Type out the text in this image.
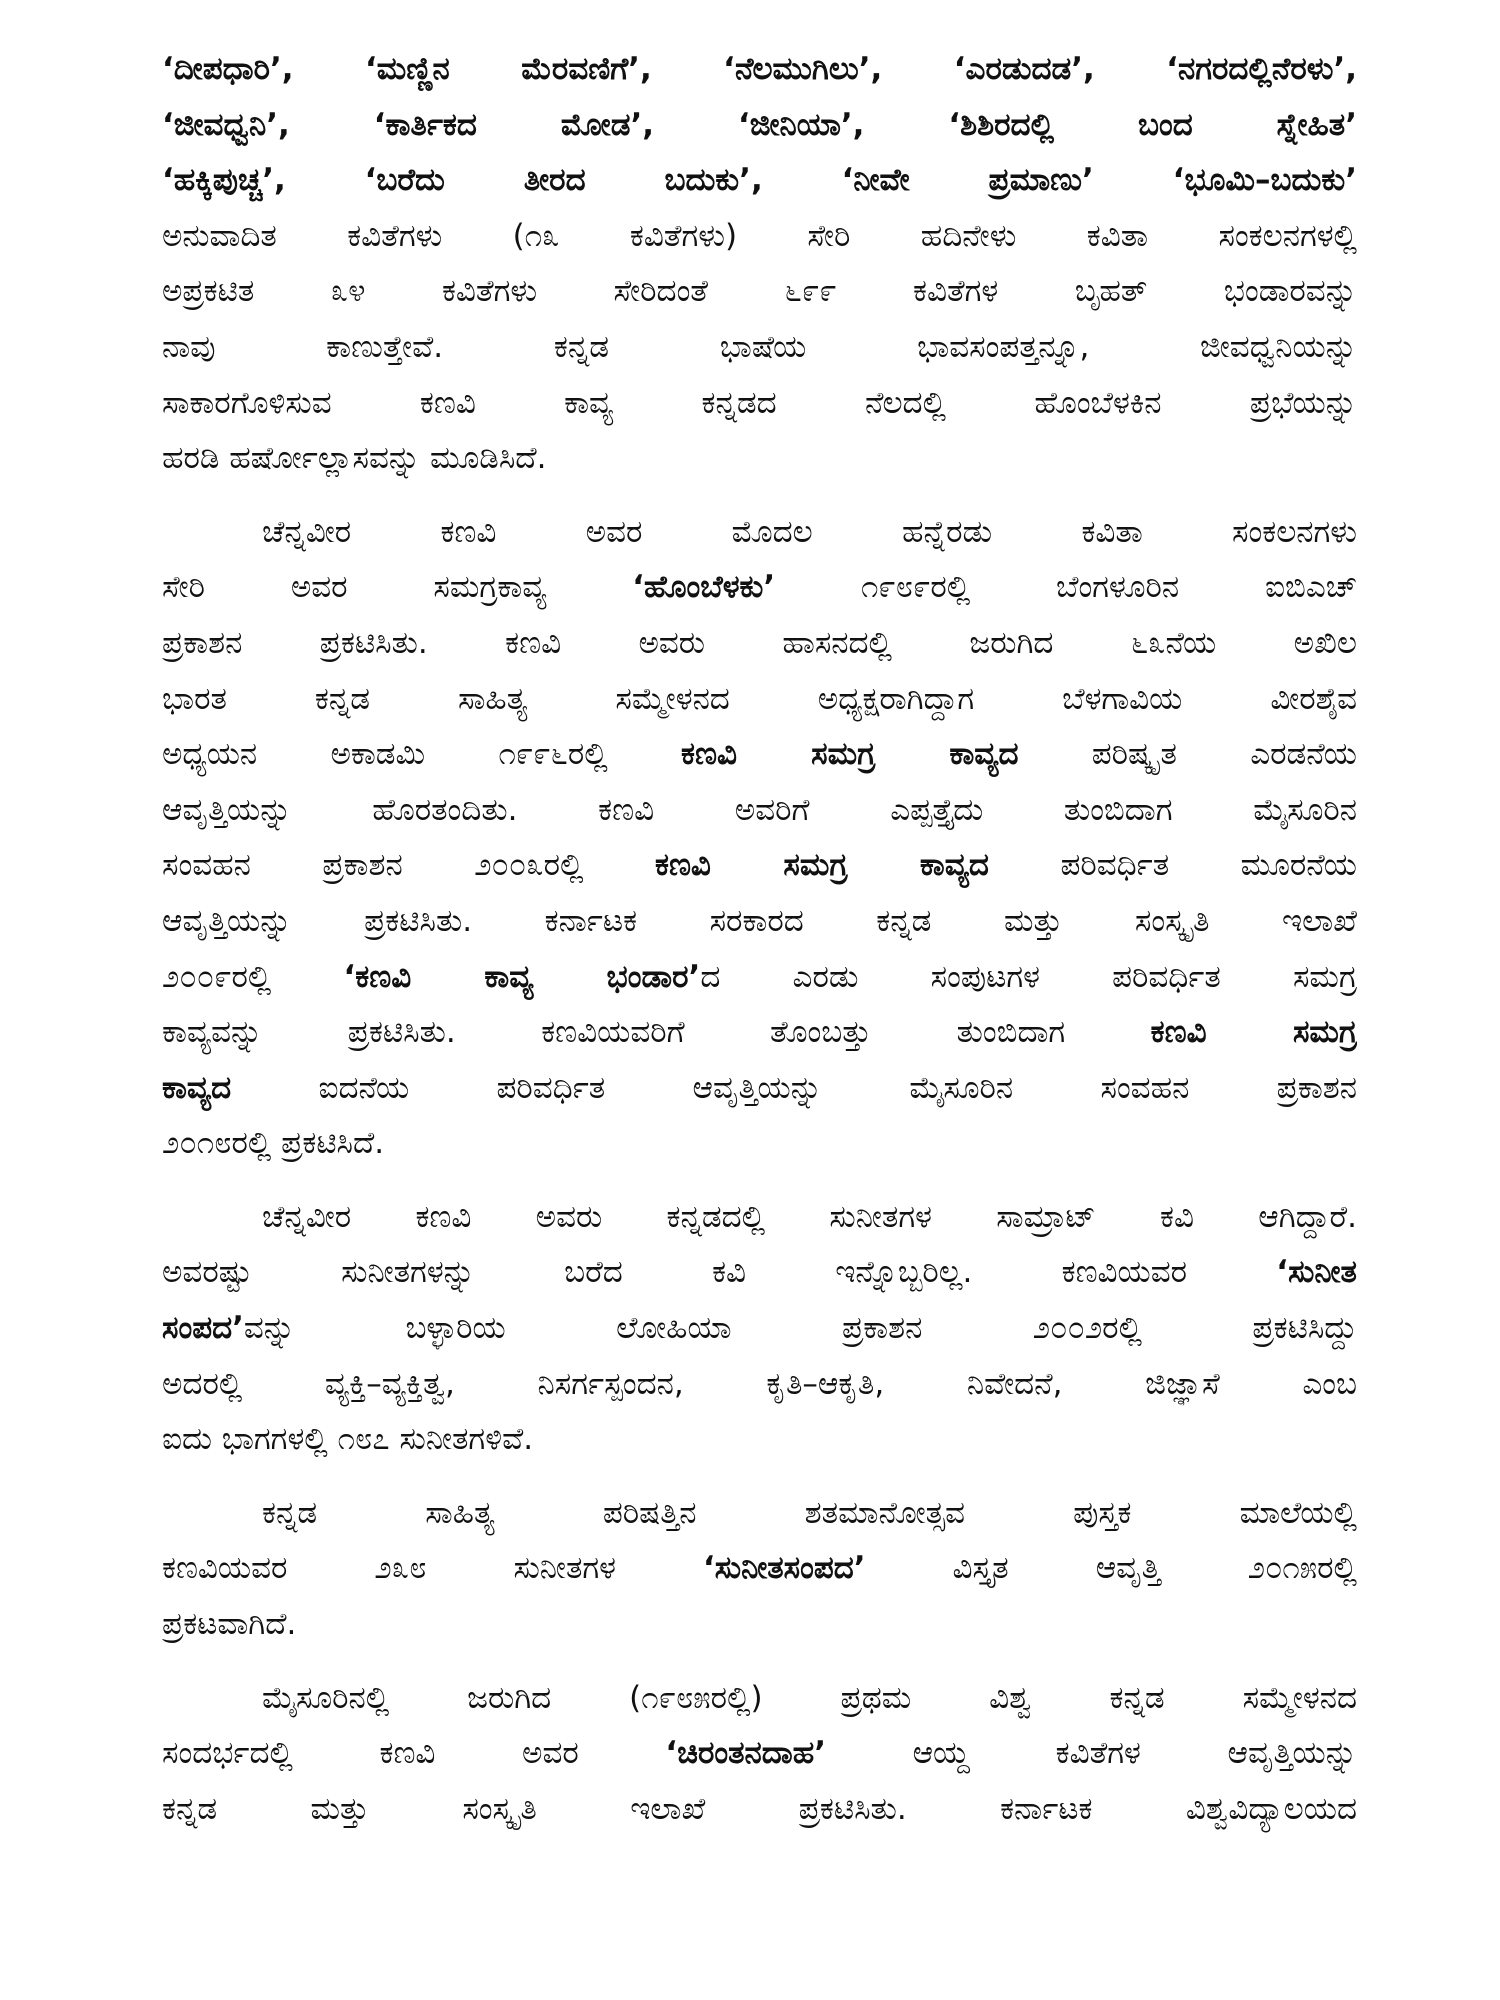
‘ದೀಪಧಾರಿ’, ‘ಮಣ್ಣಿನ ಮೆರವಣಿಗೆ’, ‘ನೆಲಮುಗಿಲು’, ‘ಎರಡುದಡ’, ‘ನಗರದಲ್ಲಿನೆರಳು’,
‘ಜೀವಧ್ವನಿ’, ‘ಕಾರ್ತಿಕದ ಮೋಡ’, ‘ಜೀನಿಯಾ’, ‘ಶಿಶಿರದಲ್ಲಿ ಬಂದ ಸ್ನೇಹಿತ’
‘ಹಕ್ಕಿಪುಚ್ಚ’, ‘ಬರೆದು ತೀರದ ಬದುಕು’, ‘ನೀವೇ ಪ್ರಮಾಣು’ ‘ಭೂಮಿ–ಬದುಕು’
ಅನುವಾದಿತ ಕವಿತೆಗಳು (೧೩ ಕವಿತೆಗಳು) ಸೇರಿ ಹದಿನೇಳು ಕವಿತಾ ಸಂಕಲನಗಳಲ್ಲಿ
ಅಪ್ರಕಟಿತ ೩೪ ಕವಿತೆಗಳು ಸೇರಿದಂತೆ ೬೯೯ ಕವಿತೆಗಳ ಬೃಹತ್ ಭಂಡಾರವನ್ನು
ನಾವು ಕಾಣುತ್ತೇವೆ. ಕನ್ನಡ ಭಾಷೆಯ ಭಾವಸಂಪತ್ತನ್ನೂ, ಜೀವಧ್ವನಿಯನ್ನು
ಸಾಕಾರಗೊಳಿಸುವ ಕಣವಿ ಕಾವ್ಯ ಕನ್ನಡದ ನೆಲದಲ್ಲಿ ಹೊಂಬೆಳಕಿನ ಪ್ರಭೆಯನ್ನು
ಹರಡಿ ಹರ್ಷೋಲ್ಲಾಸವನ್ನು ಮೂಡಿಸಿದೆ.
ಚೆನ್ನವೀರ ಕಣವಿ ಅವರ ಮೊದಲ ಹನ್ನೆರಡು ಕವಿತಾ ಸಂಕಲನಗಳು
ಸೇರಿ ಅವರ ಸಮಗ್ರಕಾವ್ಯ ‘ಹೊಂಬೆಳಕು’ ೧೯೮೯ರಲ್ಲಿ ಬೆಂಗಳೂರಿನ ಐಬಿಎಚ್
ಪ್ರಕಾಶನ ಪ್ರಕಟಿಸಿತು. ಕಣವಿ ಅವರು ಹಾಸನದಲ್ಲಿ ಜರುಗಿದ ೬೩ನೆಯ ಅಖಿಲ
ಭಾರತ ಕನ್ನಡ ಸಾಹಿತ್ಯ ಸಮ್ಮೇಳನದ ಅಧ್ಯಕ್ಷರಾಗಿದ್ದಾಗ ಬೆಳಗಾವಿಯ ವೀರಶೈವ
ಅಧ್ಯಯನ ಅಕಾಡಮಿ ೧೯೯೬ರಲ್ಲಿ ಕಣವಿ ಸಮಗ್ರ ಕಾವ್ಯದ ಪರಿಷ್ಕೃತ ಎರಡನೆಯ
ಆವೃತ್ತಿಯನ್ನು ಹೊರತಂದಿತು. ಕಣವಿ ಅವರಿಗೆ ಎಪ್ಪತ್ತೈದು ತುಂಬಿದಾಗ ಮೈಸೂರಿನ
ಸಂವಹನ ಪ್ರಕಾಶನ ೨೦೦೩ರಲ್ಲಿ ಕಣವಿ ಸಮಗ್ರ ಕಾವ್ಯದ ಪರಿವರ್ಧಿತ ಮೂರನೆಯ
ಆವೃತ್ತಿಯನ್ನು ಪ್ರಕಟಿಸಿತು. ಕರ್ನಾಟಕ ಸರಕಾರದ ಕನ್ನಡ ಮತ್ತು ಸಂಸ್ಕೃತಿ ಇಲಾಖೆ
೨೦೦೯ರಲ್ಲಿ ‘ಕಣವಿ ಕಾವ್ಯ ಭಂಡಾರ’ದ ಎರಡು ಸಂಪುಟಗಳ ಪರಿವರ್ಧಿತ ಸಮಗ್ರ
ಕಾವ್ಯವನ್ನು ಪ್ರಕಟಿಸಿತು. ಕಣವಿಯವರಿಗೆ ತೊಂಬತ್ತು ತುಂಬಿದಾಗ ಕಣವಿ ಸಮಗ್ರ
ಕಾವ್ಯದ ಐದನೆಯ ಪರಿವರ್ಧಿತ ಆವೃತ್ತಿಯನ್ನು ಮೈಸೂರಿನ ಸಂವಹನ ಪ್ರಕಾಶನ
೨೦೧೮ರಲ್ಲಿ ಪ್ರಕಟಿಸಿದೆ.
ಚೆನ್ನವೀರ ಕಣವಿ ಅವರು ಕನ್ನಡದಲ್ಲಿ ಸುನೀತಗಳ ಸಾಮ್ರಾಟ್ ಕವಿ ಆಗಿದ್ದಾರೆ.
ಅವರಷ್ಟು ಸುನೀತಗಳನ್ನು ಬರೆದ ಕವಿ ಇನ್ನೊಬ್ಬರಿಲ್ಲ. ಕಣವಿಯವರ ‘ಸುನೀತ
ಸಂಪದ’ವನ್ನು ಬಳ್ಳಾರಿಯ ಲೋಹಿಯಾ ಪ್ರಕಾಶನ ೨೦೦೨ರಲ್ಲಿ ಪ್ರಕಟಿಸಿದ್ದು
ಅದರಲ್ಲಿ ವ್ಯಕ್ತಿ–ವ್ಯಕ್ತಿತ್ವ, ನಿಸರ್ಗಸ್ಪಂದನ, ಕೃತಿ–ಆಕೃತಿ, ನಿವೇದನೆ, ಜಿಜ್ಞಾಸೆ ಎಂಬ
ಐದು ಭಾಗಗಳಲ್ಲಿ ೧೮೭ ಸುನೀತಗಳಿವೆ.
ಕನ್ನಡ ಸಾಹಿತ್ಯ ಪರಿಷತ್ತಿನ ಶತಮಾನೋತ್ಸವ ಪುಸ್ತಕ ಮಾಲೆಯಲ್ಲಿ
ಕಣವಿಯವರ ೨೩೮ ಸುನೀತಗಳ ‘ಸುನೀತಸಂಪದ’ ವಿಸ್ತೃತ ಆವೃತ್ತಿ ೨೦೧೫ರಲ್ಲಿ
ಪ್ರಕಟವಾಗಿದೆ.
ಮೈಸೂರಿನಲ್ಲಿ ಜರುಗಿದ (೧೯೮೫ರಲ್ಲಿ) ಪ್ರಥಮ ವಿಶ್ವ ಕನ್ನಡ ಸಮ್ಮೇಳನದ
ಸಂದರ್ಭದಲ್ಲಿ ಕಣವಿ ಅವರ ‘ಚಿರಂತನದಾಹ’ ಆಯ್ದ ಕವಿತೆಗಳ ಆವೃತ್ತಿಯನ್ನು
ಕನ್ನಡ ಮತ್ತು ಸಂಸ್ಕೃತಿ ಇಲಾಖೆ ಪ್ರಕಟಿಸಿತು. ಕರ್ನಾಟಕ ವಿಶ್ವವಿದ್ಯಾಲಯದ
